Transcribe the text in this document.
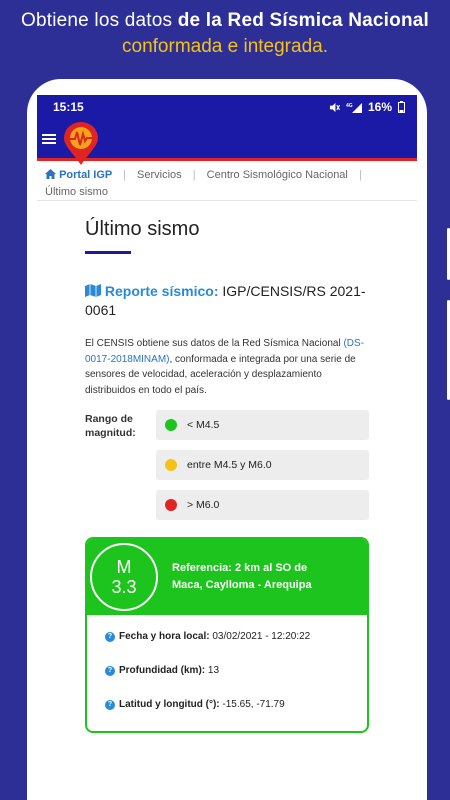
Obtiene los datos de la Red Sísmica Nacional
conformada e integrada.
15:15	4G 16%
Portal IGP | Servicios | Centro Sismológico Nacional |
Último sismo
Último sismo
Reporte sísmico: IGP/CENSIS/RS 2021-0061

El CENSIS obtiene sus datos de la Red Sísmica Nacional (DS-0017-2018MINAM), conformada e integrada por una serie de sensores de velocidad, aceleración y desplazamiento distribuidos en todo el país.

Rango de magnitud:
< M4.5
entre M4.5 y M6.0
> M6.0
M
3.3
Referencia: 2 km al SO de Maca, Caylloma - Arequipa
? Fecha y hora local: 03/02/2021 - 12:20:22
? Profundidad (km): 13
? Latitud y longitud (°): -15.65, -71.79
